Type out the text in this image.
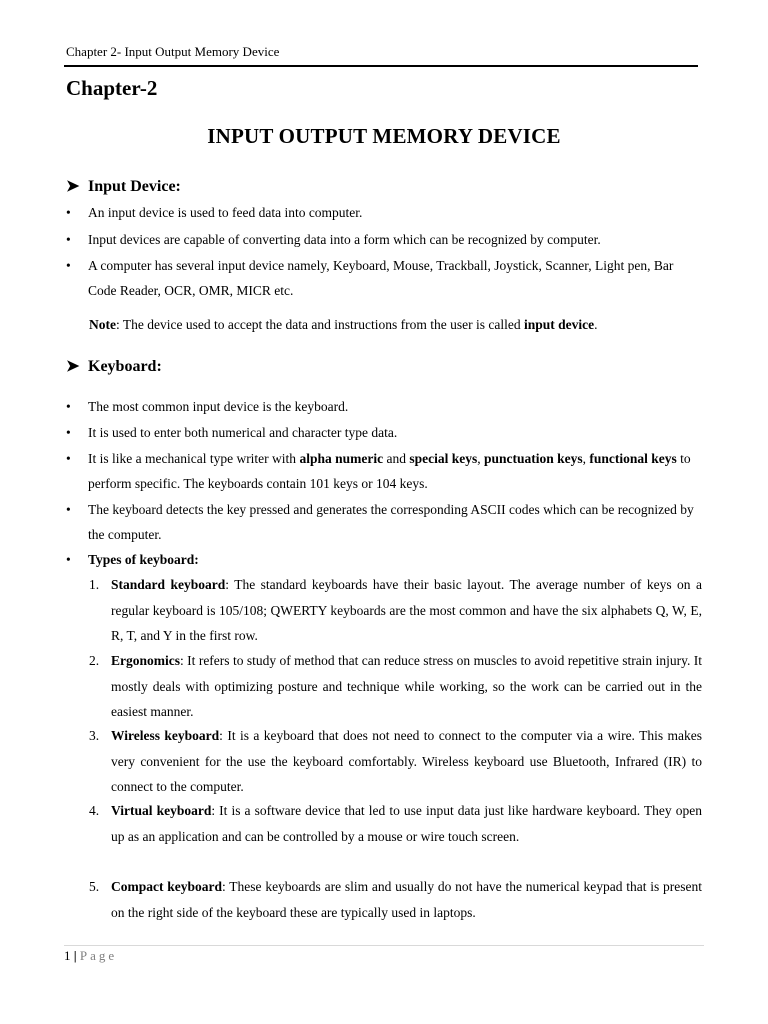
Chapter 2- Input Output Memory Device
Chapter-2
INPUT OUTPUT MEMORY DEVICE
➤ Input Device:
•	An input device is used to feed data into computer.
•	Input devices are capable of converting data into a form which can be recognized by computer.
•	A computer has several input device namely, Keyboard, Mouse, Trackball, Joystick, Scanner, Light pen, Bar Code Reader, OCR, OMR, MICR etc.
Note: The device used to accept the data and instructions from the user is called input device.
➤ Keyboard:
•	The most common input device is the keyboard.
•	It is used to enter both numerical and character type data.
•	It is like a mechanical type writer with alpha numeric and special keys, punctuation keys, functional keys to perform specific. The keyboards contain 101 keys or 104 keys.
•	The keyboard detects the key pressed and generates the corresponding ASCII codes which can be recognized by the computer.
•	Types of keyboard:
1. Standard keyboard: The standard keyboards have their basic layout. The average number of keys on a regular keyboard is 105/108; QWERTY keyboards are the most common and have the six alphabets Q, W, E, R, T, and Y in the first row.
2. Ergonomics: It refers to study of method that can reduce stress on muscles to avoid repetitive strain injury. It mostly deals with optimizing posture and technique while working, so the work can be carried out in the easiest manner.
3. Wireless keyboard: It is a keyboard that does not need to connect to the computer via a wire. This makes very convenient for the use the keyboard comfortably. Wireless keyboard use Bluetooth, Infrared (IR) to connect to the computer.
4. Virtual keyboard: It is a software device that led to use input data just like hardware keyboard. They open up as an application and can be controlled by a mouse or wire touch screen.
5. Compact keyboard: These keyboards are slim and usually do not have the numerical keypad that is present on the right side of the keyboard these are typically used in laptops.
1 | Page
